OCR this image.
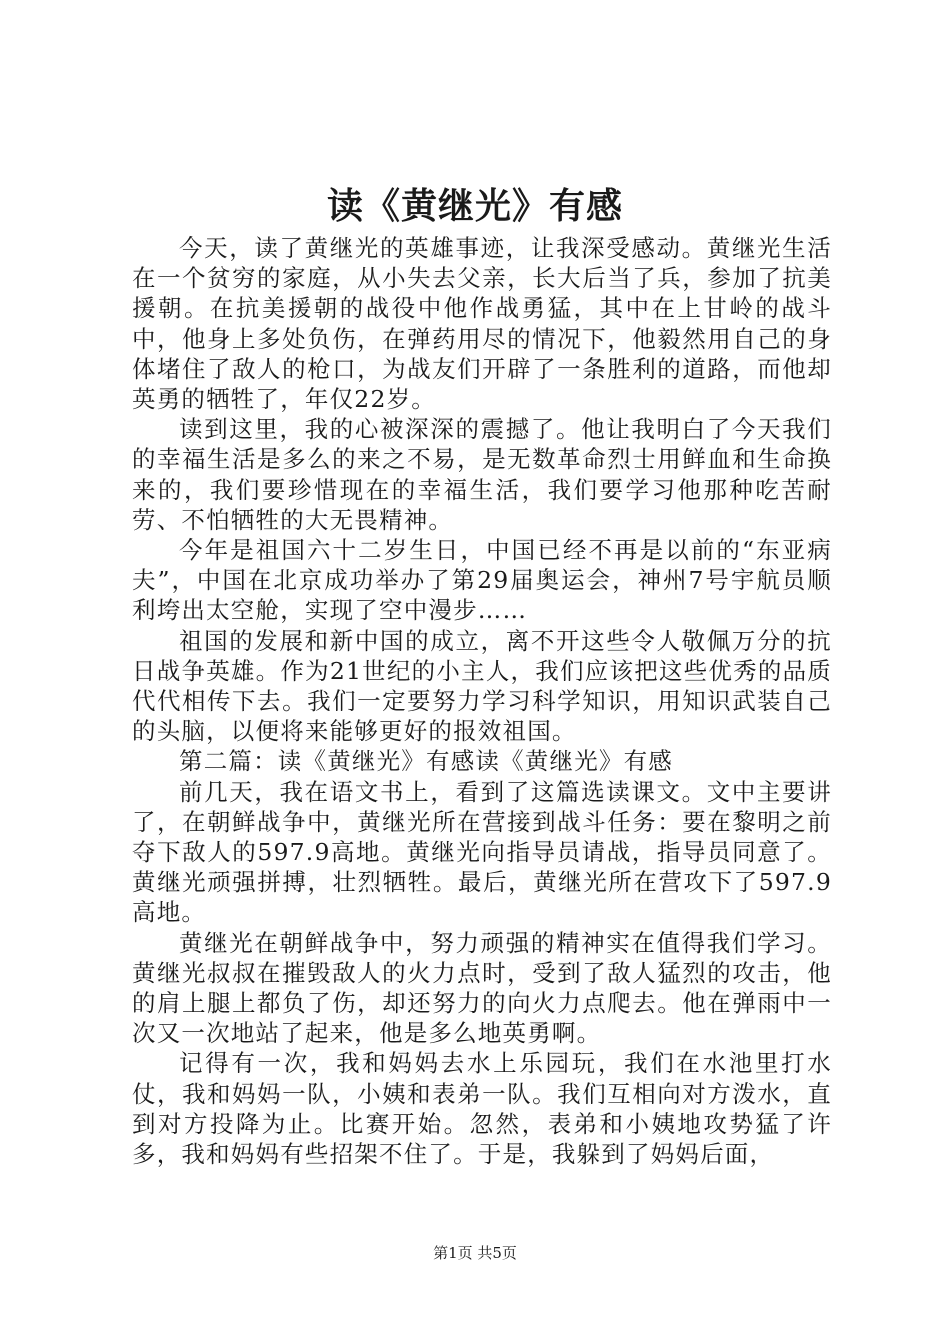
读《黄继光》有感

今天，读了黄继光的英雄事迹，让我深受感动。黄继光生活在一个贫穷的家庭，从小失去父亲，长大后当了兵，参加了抗美援朝。在抗美援朝的战役中他作战勇猛，其中在上甘岭的战斗中，他身上多处负伤，在弹药用尽的情况下，他毅然用自己的身体堵住了敌人的枪口，为战友们开辟了一条胜利的道路，而他却英勇的牺牲了，年仅22岁。

读到这里，我的心被深深的震撼了。他让我明白了今天我们的幸福生活是多么的来之不易，是无数革命烈士用鲜血和生命换来的，我们要珍惜现在的幸福生活，我们要学习他那种吃苦耐劳、不怕牺牲的大无畏精神。

今年是祖国六十二岁生日，中国已经不再是以前的“东亚病夫”，中国在北京成功举办了第29届奥运会，神州7号宇航员顺利垮出太空舱，实现了空中漫步……

祖国的发展和新中国的成立，离不开这些令人敬佩万分的抗日战争英雄。作为21世纪的小主人，我们应该把这些优秀的品质代代相传下去。我们一定要努力学习科学知识，用知识武装自己的头脑，以便将来能够更好的报效祖国。

第二篇：读《黄继光》有感读《黄继光》有感

前几天，我在语文书上，看到了这篇选读课文。文中主要讲了，在朝鲜战争中，黄继光所在营接到战斗任务：要在黎明之前夺下敌人的597.9高地。黄继光向指导员请战，指导员同意了。黄继光顽强拼搏，壮烈牺牲。最后，黄继光所在营攻下了597.9高地。

黄继光在朝鲜战争中，努力顽强的精神实在值得我们学习。黄继光叔叔在摧毁敌人的火力点时，受到了敌人猛烈的攻击，他的肩上腿上都负了伤，却还努力的向火力点爬去。他在弹雨中一次又一次地站了起来，他是多么地英勇啊。

记得有一次，我和妈妈去水上乐园玩，我们在水池里打水仗，我和妈妈一队，小姨和表弟一队。我们互相向对方泼水，直到对方投降为止。比赛开始。忽然，表弟和小姨地攻势猛了许多，我和妈妈有些招架不住了。于是，我躲到了妈妈后面，

第1页 共5页
